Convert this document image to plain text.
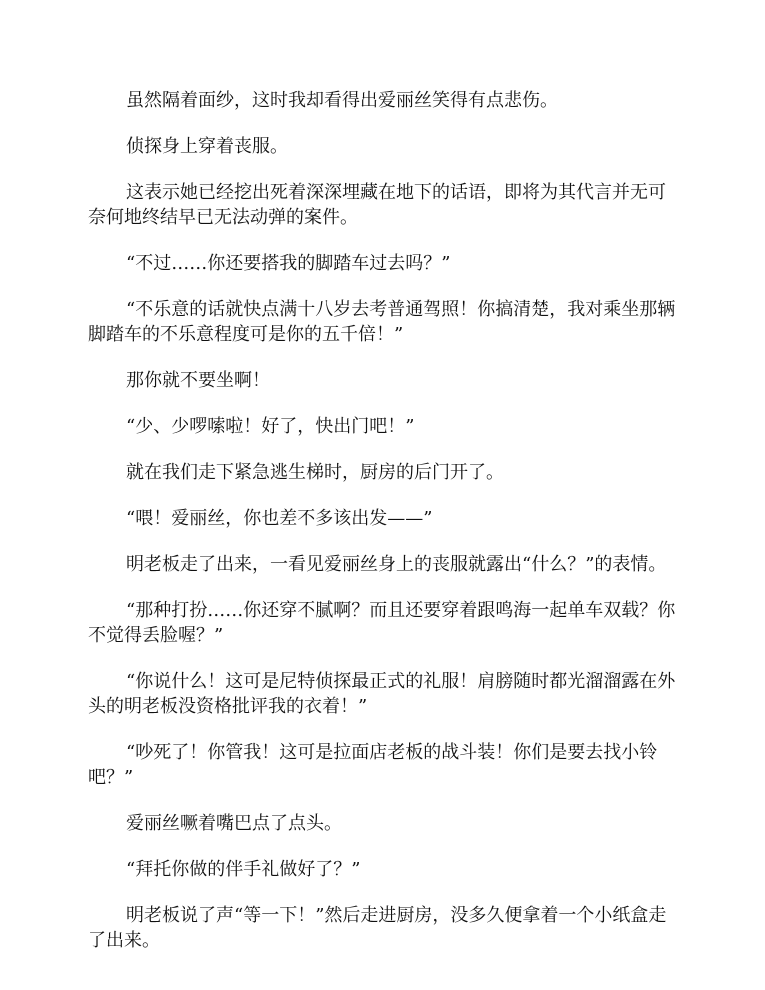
虽然隔着面纱，这时我却看得出爱丽丝笑得有点悲伤。

侦探身上穿着丧服。

这表示她已经挖出死着深深埋藏在地下的话语，即将为其代言并无可奈何地终结早已无法动弹的案件。

“不过……你还要搭我的脚踏车过去吗？”

“不乐意的话就快点满十八岁去考普通驾照！你搞清楚，我对乘坐那辆脚踏车的不乐意程度可是你的五千倍！”

那你就不要坐啊！

“少、少啰嗦啦！好了，快出门吧！”

就在我们走下紧急逃生梯时，厨房的后门开了。

“喂！爱丽丝，你也差不多该出发——”

明老板走了出来，一看见爱丽丝身上的丧服就露出“什么？”的表情。

“那种打扮……你还穿不腻啊？而且还要穿着跟鸣海一起单车双载？你不觉得丢脸喔？”

“你说什么！这可是尼特侦探最正式的礼服！肩膀随时都光溜溜露在外头的明老板没资格批评我的衣着！”

“吵死了！你管我！这可是拉面店老板的战斗装！你们是要去找小铃吧？”

爱丽丝噘着嘴巴点了点头。

“拜托你做的伴手礼做好了？”

明老板说了声“等一下！”然后走进厨房，没多久便拿着一个小纸盒走了出来。
